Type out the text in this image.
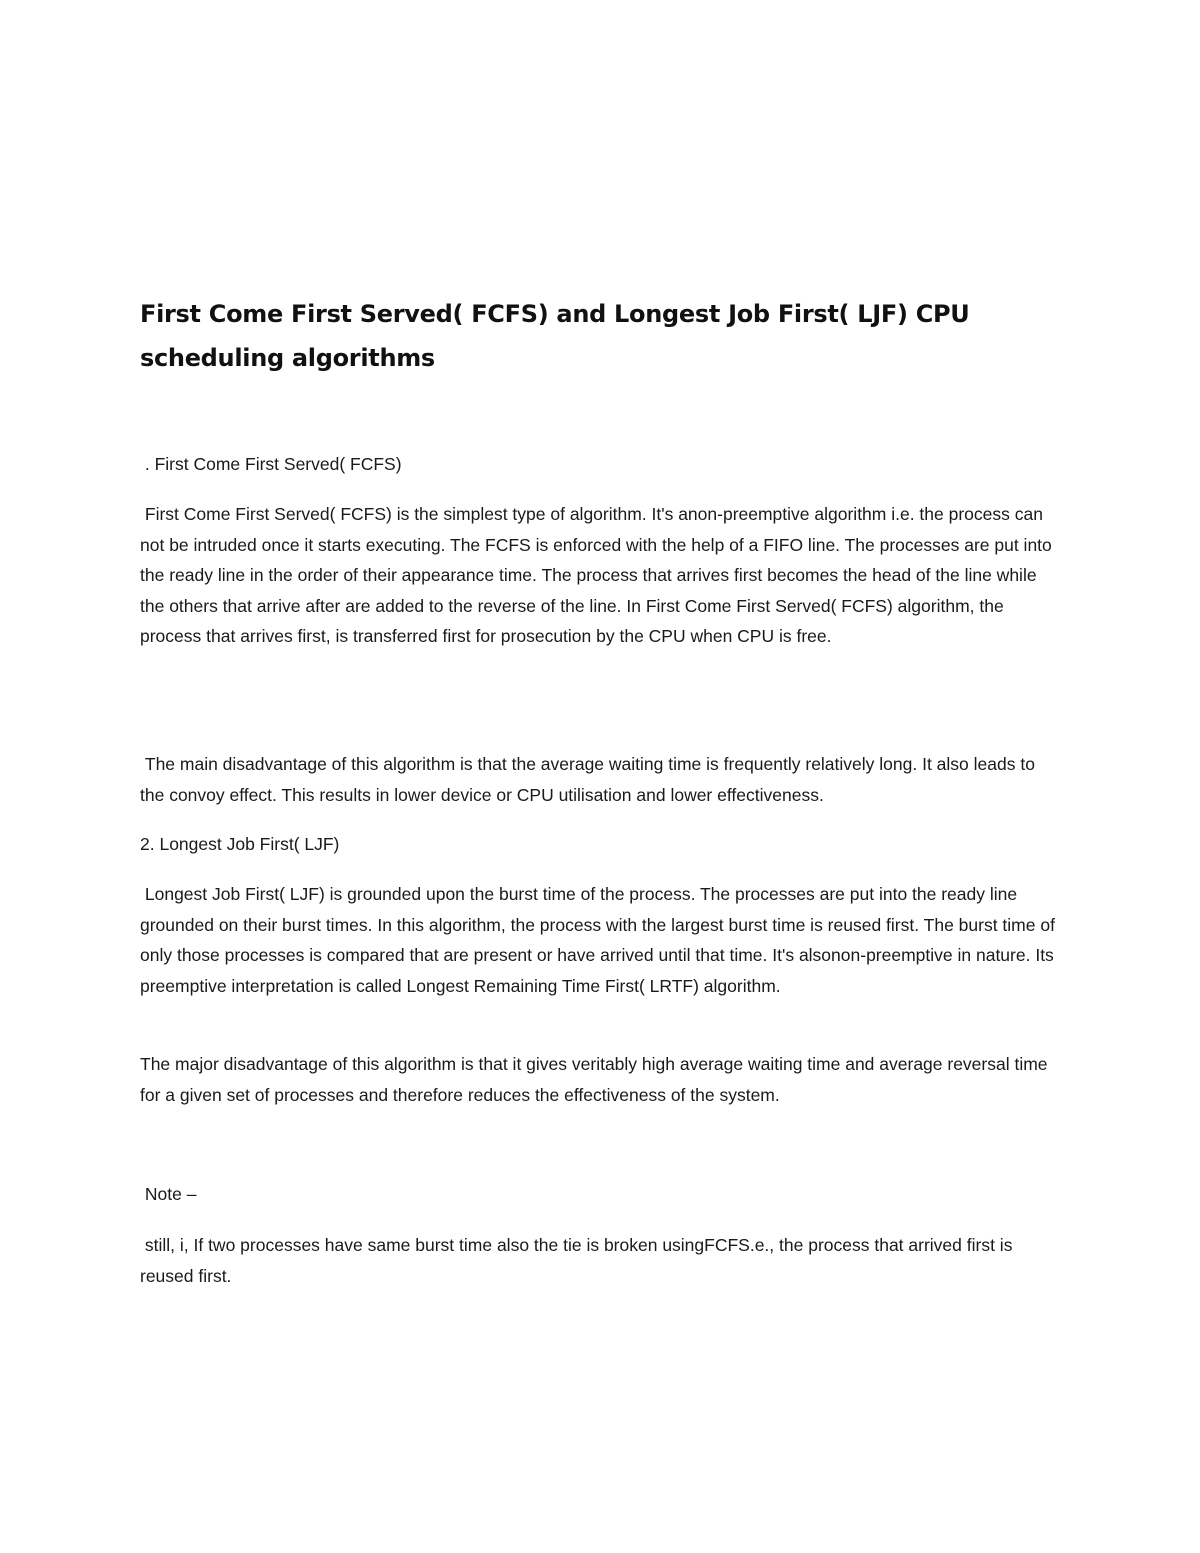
First Come First Served( FCFS) and Longest Job First( LJF) CPU scheduling algorithms

. First Come First Served( FCFS)

First Come First Served( FCFS) is the simplest type of algorithm. It's anon-preemptive algorithm i.e. the process can not be intruded once it starts executing. The FCFS is enforced with the help of a FIFO line. The processes are put into the ready line in the order of their appearance time. The process that arrives first becomes the head of the line while the others that arrive after are added to the reverse of the line. In First Come First Served( FCFS) algorithm, the process that arrives first, is transferred first for prosecution by the CPU when CPU is free.

The main disadvantage of this algorithm is that the average waiting time is frequently relatively long. It also leads to the convoy effect. This results in lower device or CPU utilisation and lower effectiveness.

2. Longest Job First( LJF)

Longest Job First( LJF) is grounded upon the burst time of the process. The processes are put into the ready line grounded on their burst times. In this algorithm, the process with the largest burst time is reused first. The burst time of only those processes is compared that are present or have arrived until that time. It's alsonon-preemptive in nature. Its preemptive interpretation is called Longest Remaining Time First( LRTF) algorithm.

The major disadvantage of this algorithm is that it gives veritably high average waiting time and average reversal time for a given set of processes and therefore reduces the effectiveness of the system.

Note –

still, i, If two processes have same burst time also the tie is broken usingFCFS.e., the process that arrived first is reused first.
